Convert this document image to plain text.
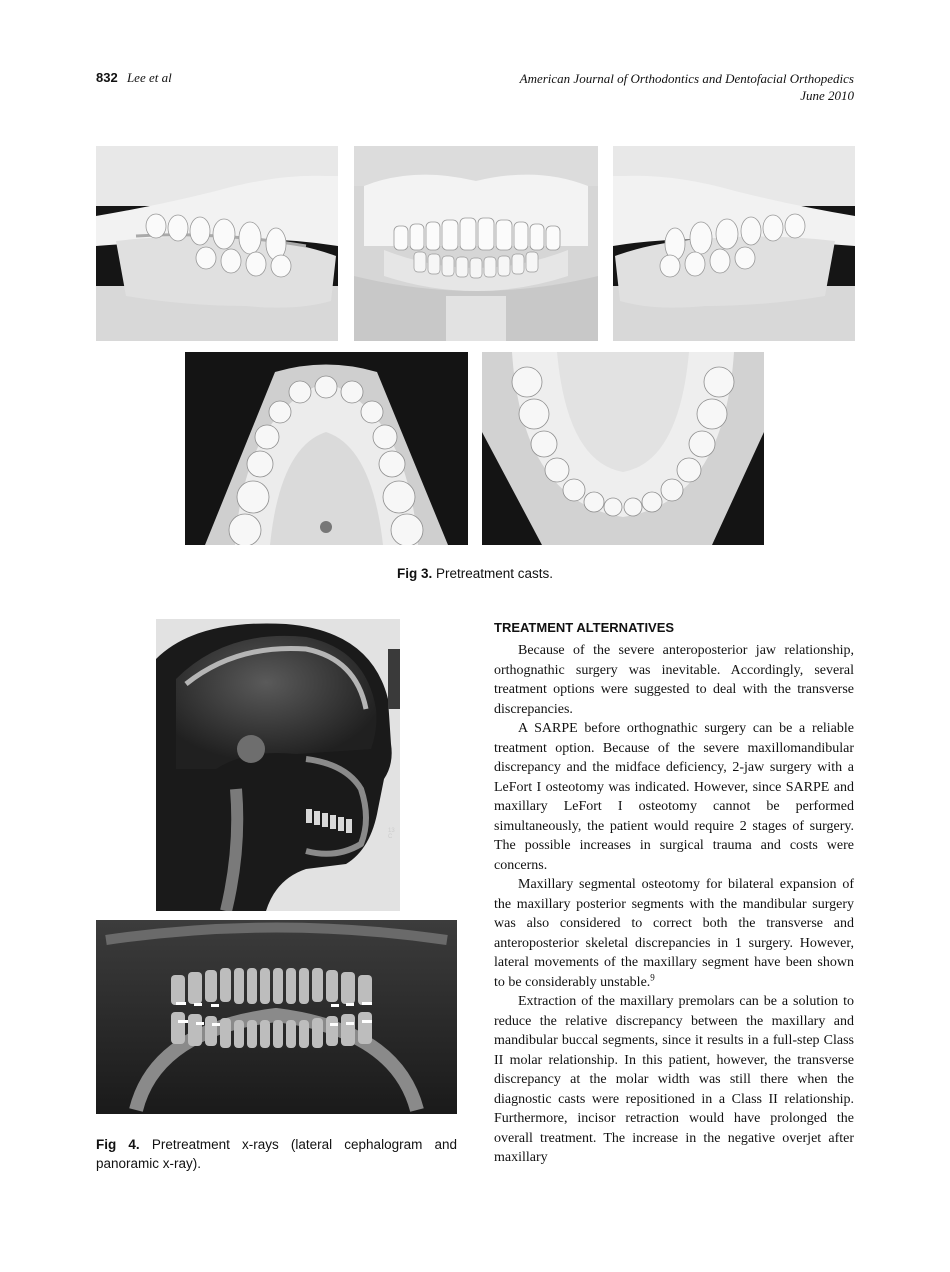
832 Lee et al	American Journal of Orthodontics and Dentofacial Orthopedics
June 2010
Fig 3. Pretreatment casts.
13 C
Fig 4. Pretreatment x-rays (lateral cephalogram and panoramic x-ray).
TREATMENT ALTERNATIVES

Because of the severe anteroposterior jaw relationship, orthognathic surgery was inevitable. Accordingly, several treatment options were suggested to deal with the transverse discrepancies.

A SARPE before orthognathic surgery can be a reliable treatment option. Because of the severe maxillomandibular discrepancy and the midface deficiency, 2-jaw surgery with a LeFort I osteotomy was indicated. However, since SARPE and maxillary LeFort I osteotomy cannot be performed simultaneously, the patient would require 2 stages of surgery. The possible increases in surgical trauma and costs were concerns.

Maxillary segmental osteotomy for bilateral expansion of the maxillary posterior segments with the mandibular surgery was also considered to correct both the transverse and anteroposterior skeletal discrepancies in 1 surgery. However, lateral movements of the maxillary segment have been shown to be considerably unstable.$^9$

Extraction of the maxillary premolars can be a solution to reduce the relative discrepancy between the maxillary and mandibular buccal segments, since it results in a full-step Class II molar relationship. In this patient, however, the transverse discrepancy at the molar width was still there when the diagnostic casts were repositioned in a Class II relationship. Furthermore, incisor retraction would have prolonged the overall treatment. The increase in the negative overjet after maxillary
